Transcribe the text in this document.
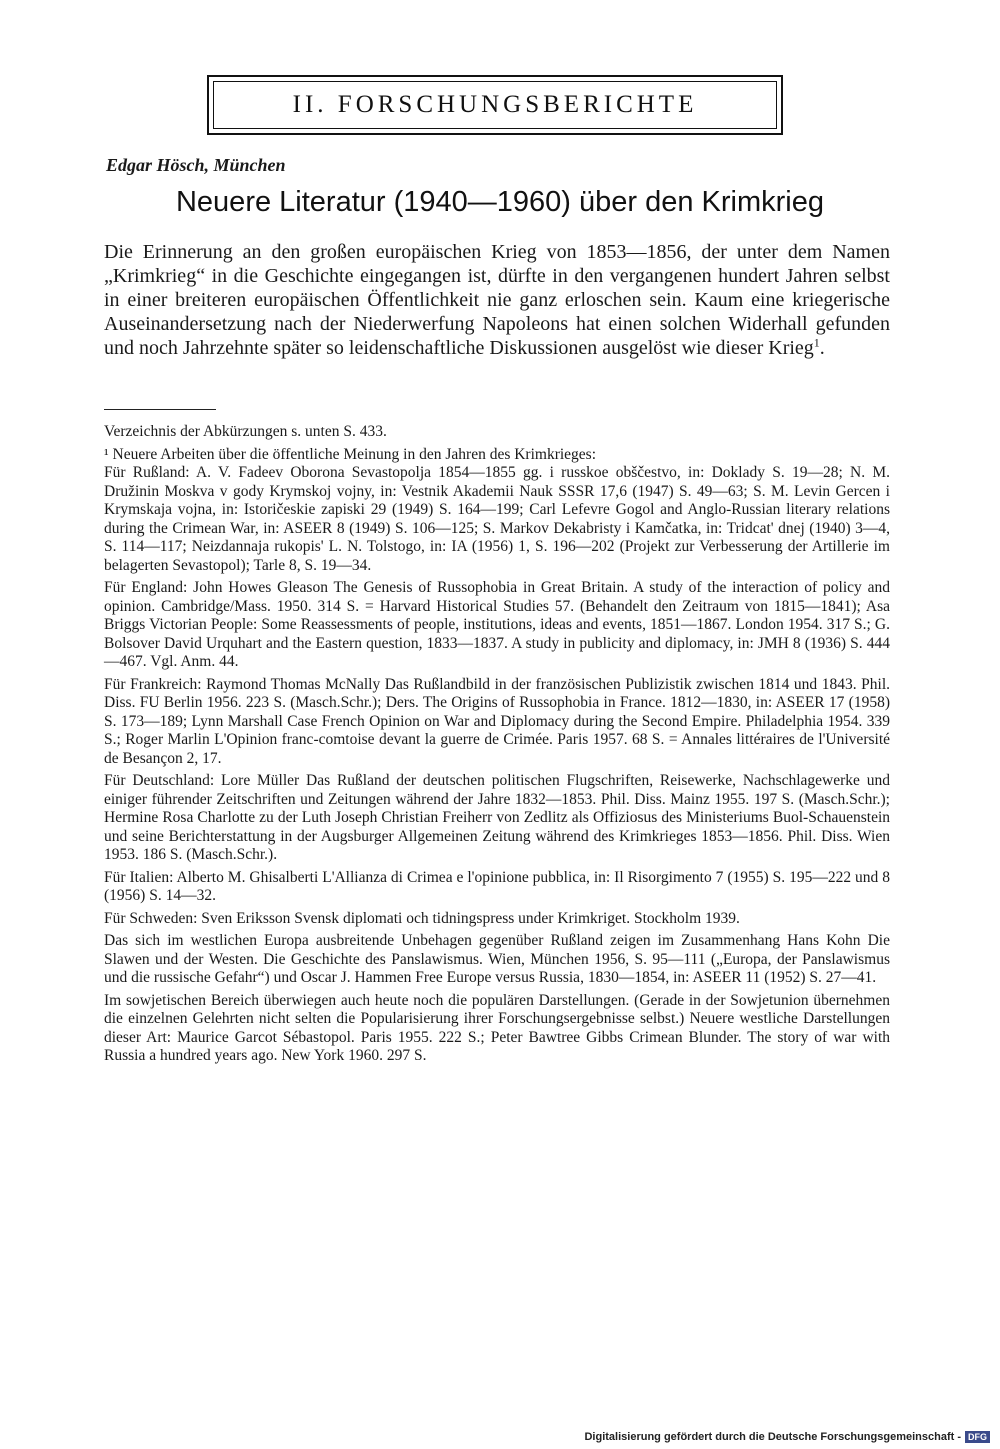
II. FORSCHUNGSBERICHTE
Edgar Hösch, München
Neuere Literatur (1940—1960) über den Krimkrieg
Die Erinnerung an den großen europäischen Krieg von 1853—1856, der unter dem Namen „Krimkrieg“ in die Geschichte eingegangen ist, dürfte in den vergangenen hundert Jahren selbst in einer breiteren europäischen Öffentlichkeit nie ganz erloschen sein. Kaum eine kriegerische Auseinandersetzung nach der Niederwerfung Napoleons hat einen solchen Widerhall gefunden und noch Jahrzehnte später so leidenschaftliche Diskussionen ausgelöst wie dieser Krieg$^1$.

Verzeichnis der Abkürzungen s. unten S. 433.

¹ Neuere Arbeiten über die öffentliche Meinung in den Jahren des Krimkrieges:

Für Rußland: A. V. Fadeev Oborona Sevastopolja 1854—1855 gg. i russkoe obščestvo, in: Doklady S. 19—28; N. M. Družinin Moskva v gody Krymskoj vojny, in: Vestnik Akademii Nauk SSSR 17,6 (1947) S. 49—63; S. M. Levin Gercen i Krymskaja vojna, in: Istoričeskie zapiski 29 (1949) S. 164—199; Carl Lefevre Gogol and Anglo-Russian literary relations during the Crimean War, in: ASEER 8 (1949) S. 106—125; S. Markov Dekabristy i Kamčatka, in: Tridcat' dnej (1940) 3—4, S. 114—117; Neizdannaja rukopis' L. N. Tolstogo, in: IA (1956) 1, S. 196—202 (Projekt zur Verbesserung der Artillerie im belagerten Sevastopol); Tarle 8, S. 19—34.

Für England: John Howes Gleason The Genesis of Russophobia in Great Britain. A study of the interaction of policy and opinion. Cambridge/Mass. 1950. 314 S. = Harvard Historical Studies 57. (Behandelt den Zeitraum von 1815—1841); Asa Briggs Victorian People: Some Reassessments of people, institutions, ideas and events, 1851—1867. London 1954. 317 S.; G. Bolsover David Urquhart and the Eastern question, 1833—1837. A study in publicity and diplomacy, in: JMH 8 (1936) S. 444—467. Vgl. Anm. 44.

Für Frankreich: Raymond Thomas McNally Das Rußlandbild in der französischen Publizistik zwischen 1814 und 1843. Phil. Diss. FU Berlin 1956. 223 S. (Masch.Schr.); Ders. The Origins of Russophobia in France. 1812—1830, in: ASEER 17 (1958) S. 173—189; Lynn Marshall Case French Opinion on War and Diplomacy during the Second Empire. Philadelphia 1954. 339 S.; Roger Marlin L'Opinion franc-comtoise devant la guerre de Crimée. Paris 1957. 68 S. = Annales littéraires de l'Université de Besançon 2, 17.

Für Deutschland: Lore Müller Das Rußland der deutschen politischen Flugschriften, Reisewerke, Nachschlagewerke und einiger führender Zeitschriften und Zeitungen während der Jahre 1832—1853. Phil. Diss. Mainz 1955. 197 S. (Masch.Schr.); Hermine Rosa Charlotte zu der Luth Joseph Christian Freiherr von Zedlitz als Offiziosus des Ministeriums Buol-Schauenstein und seine Berichterstattung in der Augsburger Allgemeinen Zeitung während des Krimkrieges 1853—1856. Phil. Diss. Wien 1953. 186 S. (Masch.Schr.).

Für Italien: Alberto M. Ghisalberti L'Allianza di Crimea e l'opinione pubblica, in: Il Risorgimento 7 (1955) S. 195—222 und 8 (1956) S. 14—32.

Für Schweden: Sven Eriksson Svensk diplomati och tidningspress under Krimkriget. Stockholm 1939.

Das sich im westlichen Europa ausbreitende Unbehagen gegenüber Rußland zeigen im Zusammenhang Hans Kohn Die Slawen und der Westen. Die Geschichte des Panslawismus. Wien, München 1956, S. 95—111 („Europa, der Panslawismus und die russische Gefahr“) und Oscar J. Hammen Free Europe versus Russia, 1830—1854, in: ASEER 11 (1952) S. 27—41.

Im sowjetischen Bereich überwiegen auch heute noch die populären Darstellungen. (Gerade in der Sowjetunion übernehmen die einzelnen Gelehrten nicht selten die Popularisierung ihrer Forschungsergebnisse selbst.) Neuere westliche Darstellungen dieser Art: Maurice Garcot Sébastopol. Paris 1955. 222 S.; Peter Bawtree Gibbs Crimean Blunder. The story of war with Russia a hundred years ago. New York 1960. 297 S.

Digitalisierung gefördert durch die Deutsche Forschungsgemeinschaft - DFG
